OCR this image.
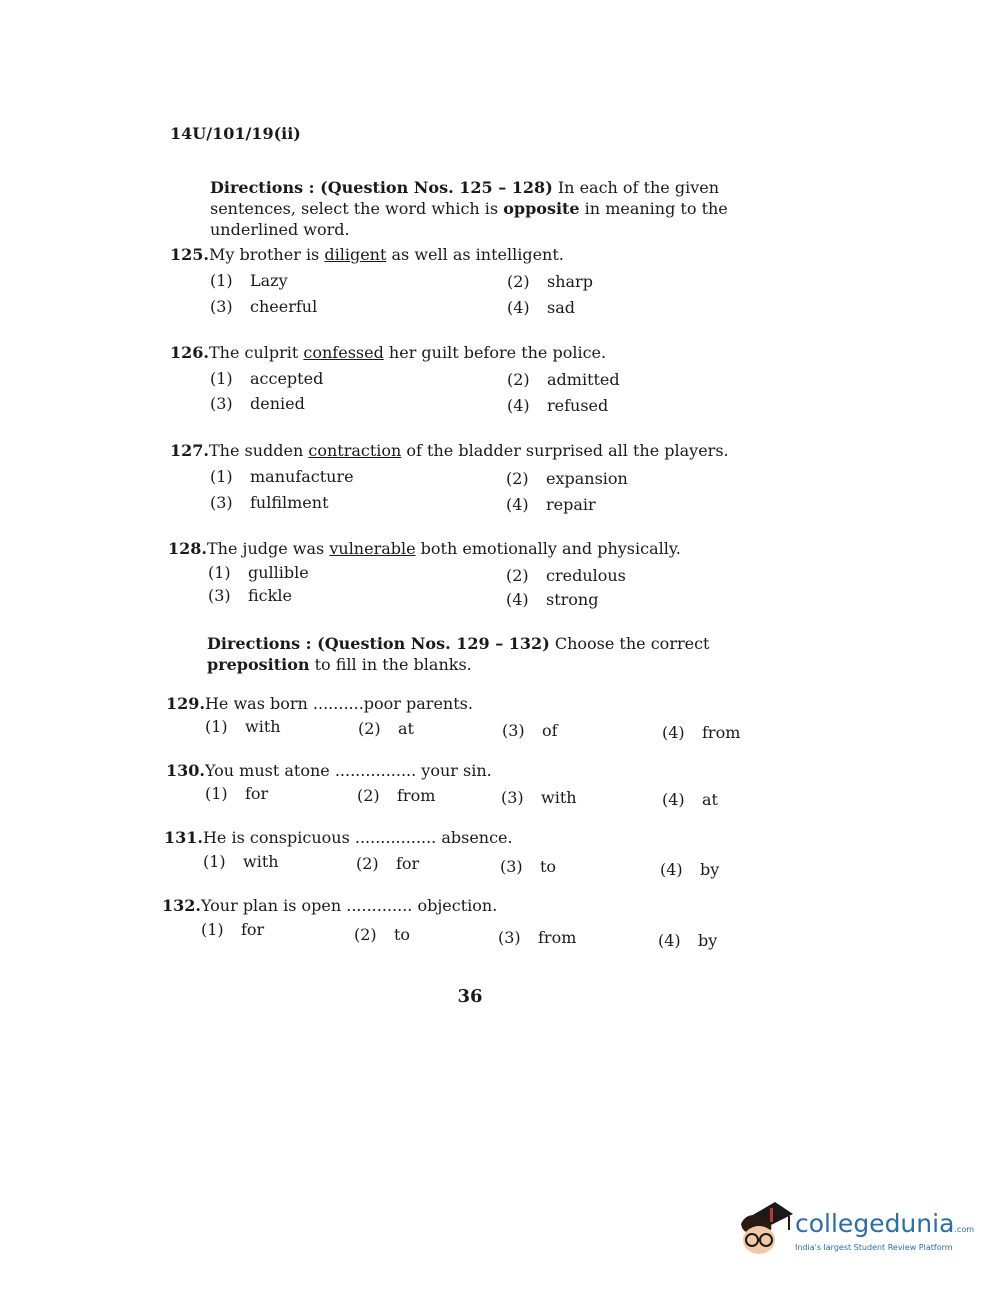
14U/101/19(ii)
Directions : (Question Nos. 125 – 128) In each of the given sentences, select the word which is opposite in meaning to the underlined word.
125.My brother is diligent as well as intelligent.
(1) Lazy	(2) sharp
(3) cheerful	(4) sad
126.The culprit confessed her guilt before the police.
(1) accepted	(2) admitted
(3) denied	(4) refused
127.The sudden contraction of the bladder surprised all the players.
(1) manufacture	(2) expansion
(3) fulfilment	(4) repair
128.The judge was vulnerable both emotionally and physically.
(1) gullible	(2) credulous
(3) fickle	(4) strong
Directions : (Question Nos. 129 – 132) Choose the correct preposition to fill in the blanks.
129.He was born ..........poor parents.
(1) with	(2) at	(3) of	(4) from
130.You must atone ................ your sin.
(1) for	(2) from	(3) with	(4) at
131.He is conspicuous ................ absence.
(1) with	(2) for	(3) to	(4) by
132.Your plan is open ............. objection.
(1) for	(2) to	(3) from	(4) by
36
collegedunia.com
India's largest Student Review Platform
